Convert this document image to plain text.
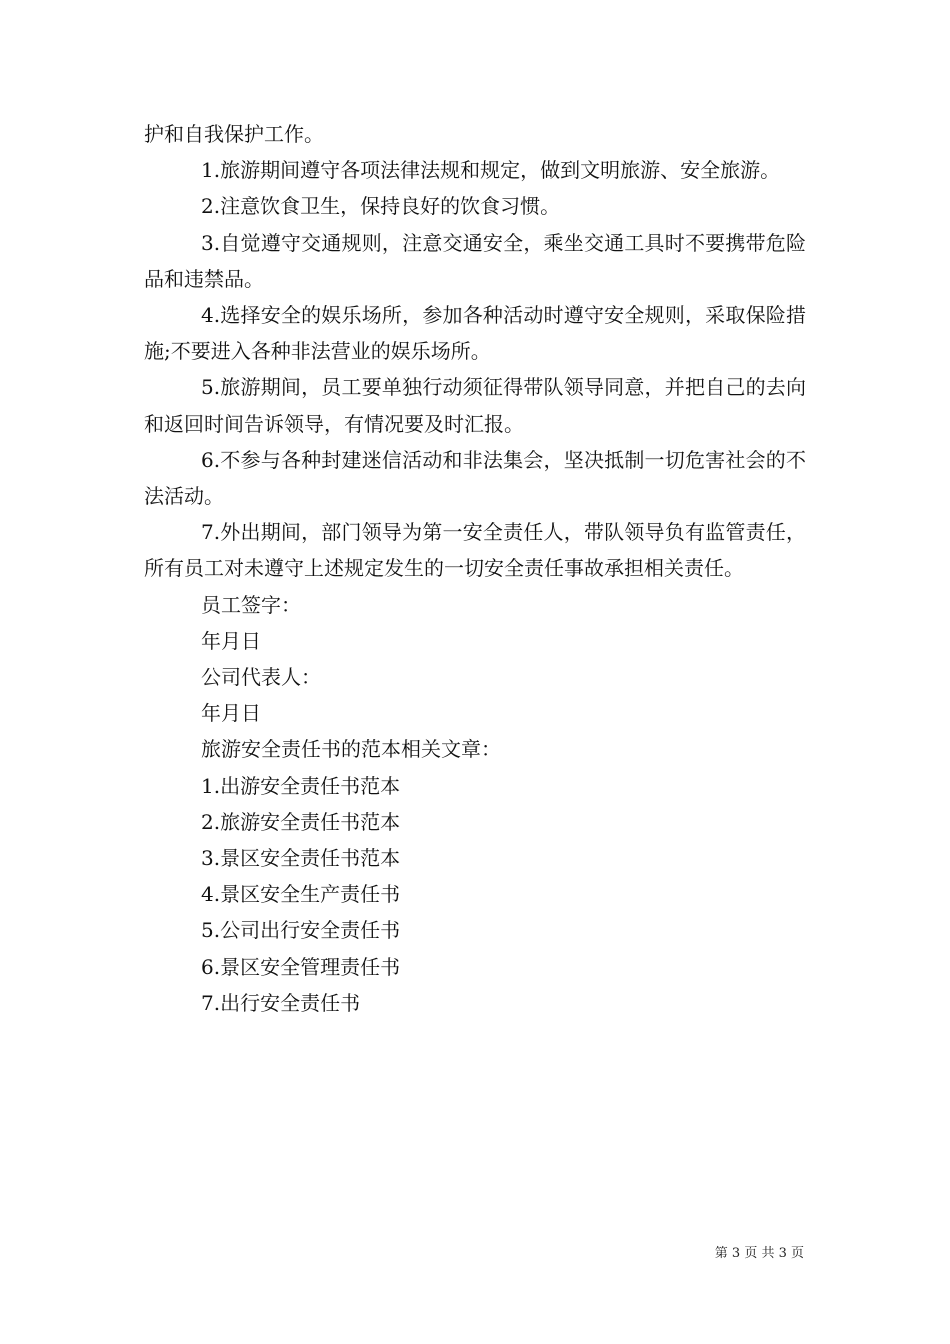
护和自我保护工作。

1.旅游期间遵守各项法律法规和规定，做到文明旅游、安全旅游。

2.注意饮食卫生，保持良好的饮食习惯。

3.自觉遵守交通规则，注意交通安全，乘坐交通工具时不要携带危险品和违禁品。

4.选择安全的娱乐场所，参加各种活动时遵守安全规则，采取保险措施;不要进入各种非法营业的娱乐场所。

5.旅游期间，员工要单独行动须征得带队领导同意，并把自己的去向和返回时间告诉领导，有情况要及时汇报。

6.不参与各种封建迷信活动和非法集会，坚决抵制一切危害社会的不法活动。

7.外出期间，部门领导为第一安全责任人，带队领导负有监管责任，所有员工对未遵守上述规定发生的一切安全责任事故承担相关责任。

员工签字：

年月日

公司代表人：

年月日

旅游安全责任书的范本相关文章：

1.出游安全责任书范本

2.旅游安全责任书范本

3.景区安全责任书范本

4.景区安全生产责任书

5.公司出行安全责任书

6.景区安全管理责任书

7.出行安全责任书

第 3 页 共 3 页
